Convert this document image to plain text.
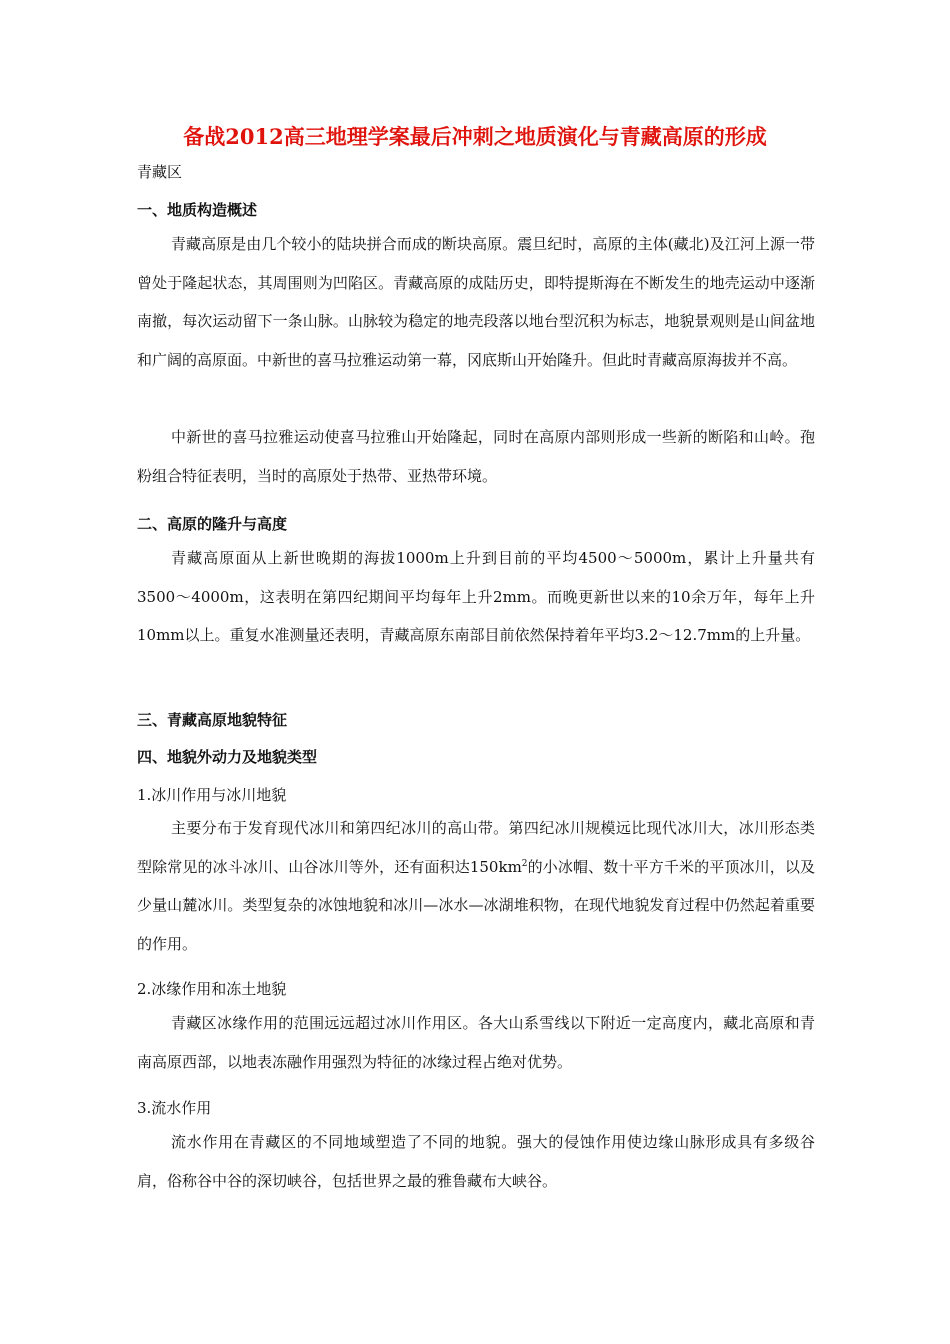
备战2012高三地理学案最后冲刺之地质演化与青藏高原的形成
青藏区
一、地质构造概述

青藏高原是由几个较小的陆块拼合而成的断块高原。震旦纪时，高原的主体(藏北)及江河上源一带曾处于隆起状态，其周围则为凹陷区。青藏高原的成陆历史，即特提斯海在不断发生的地壳运动中逐渐南撤，每次运动留下一条山脉。山脉较为稳定的地壳段落以地台型沉积为标志，地貌景观则是山间盆地和广阔的高原面。中新世的喜马拉雅运动第一幕，冈底斯山开始隆升。但此时青藏高原海拔并不高。

中新世的喜马拉雅运动使喜马拉雅山开始隆起，同时在高原内部则形成一些新的断陷和山岭。孢粉组合特征表明，当时的高原处于热带、亚热带环境。

二、高原的隆升与高度

青藏高原面从上新世晚期的海拔1000m上升到目前的平均4500～5000m，累计上升量共有3500～4000m，这表明在第四纪期间平均每年上升2mm。而晚更新世以来的10余万年，每年上升10mm以上。重复水准测量还表明，青藏高原东南部目前依然保持着年平均3.2～12.7mm的上升量。

三、青藏高原地貌特征
四、地貌外动力及地貌类型
1.冰川作用与冰川地貌

主要分布于发育现代冰川和第四纪冰川的高山带。第四纪冰川规模远比现代冰川大，冰川形态类型除常见的冰斗冰川、山谷冰川等外，还有面积达$150km^2$的小冰帽、数十平方千米的平顶冰川，以及少量山麓冰川。类型复杂的冰蚀地貌和冰川—冰水—冰湖堆积物，在现代地貌发育过程中仍然起着重要的作用。

2.冰缘作用和冻土地貌

青藏区冰缘作用的范围远远超过冰川作用区。各大山系雪线以下附近一定高度内，藏北高原和青南高原西部，以地表冻融作用强烈为特征的冰缘过程占绝对优势。

3.流水作用

流水作用在青藏区的不同地域塑造了不同的地貌。强大的侵蚀作用使边缘山脉形成具有多级谷肩，俗称谷中谷的深切峡谷，包括世界之最的雅鲁藏布大峡谷。
